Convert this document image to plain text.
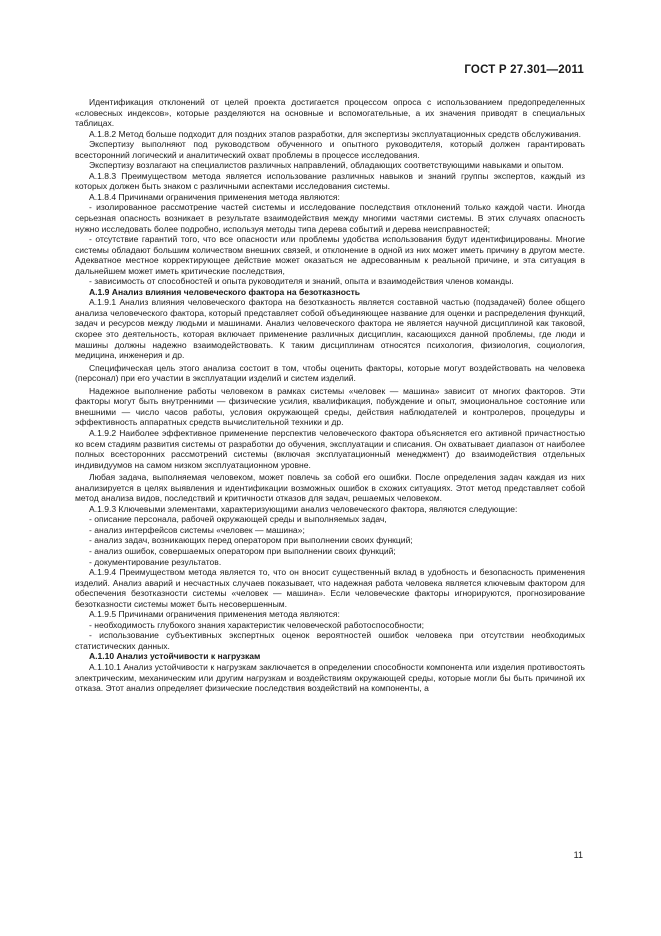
ГОСТ Р 27.301—2011

Идентификация отклонений от целей проекта достигается процессом опроса с использованием предопределенных «словесных индексов», которые разделяются на основные и вспомогательные, а их значения приводят в специальных таблицах.

А.1.8.2 Метод больше подходит для поздних этапов разработки, для экспертизы эксплуатационных средств обслуживания.

Экспертизу выполняют под руководством обученного и опытного руководителя, который должен гарантировать всесторонний логический и аналитический охват проблемы в процессе исследования.

Экспертизу возлагают на специалистов различных направлений, обладающих соответствующими навыками и опытом.

А.1.8.3 Преимуществом метода является использование различных навыков и знаний группы экспертов, каждый из которых должен быть знаком с различными аспектами исследования системы.

А.1.8.4 Причинами ограничения применения метода являются:

- изолированное рассмотрение частей системы и исследование последствия отклонений только каждой части. Иногда серьезная опасность возникает в результате взаимодействия между многими частями системы. В этих случаях опасность нужно исследовать более подробно, используя методы типа дерева событий и дерева неисправностей;

- отсутствие гарантий того, что все опасности или проблемы удобства использования будут идентифицированы. Многие системы обладают большим количеством внешних связей, и отклонение в одной из них может иметь причину в другом месте. Адекватное местное корректирующее действие может оказаться не адресованным к реальной причине, и эта ситуация в дальнейшем может иметь критические последствия,

- зависимость от способностей и опыта руководителя и знаний, опыта и взаимодействия членов команды.

А.1.9 Анализ влияния человеческого фактора на безотказность

А.1.9.1 Анализ влияния человеческого фактора на безотказность является составной частью (подзадачей) более общего анализа человеческого фактора, который представляет собой объединяющее название для оценки и распределения функций, задач и ресурсов между людьми и машинами. Анализ человеческого фактора не является научной дисциплиной как таковой, скорее это деятельность, которая включает применение различных дисциплин, касающихся данной проблемы, где люди и машины должны надежно взаимодействовать. К таким дисциплинам относятся психология, физиология, социология, медицина, инженерия и др.

Специфическая цель этого анализа состоит в том, чтобы оценить факторы, которые могут воздействовать на человека (персонал) при его участии в эксплуатации изделий и систем изделий.

Надежное выполнение работы человеком в рамках системы «человек — машина» зависит от многих факторов. Эти факторы могут быть внутренними — физические усилия, квалификация, побуждение и опыт, эмоциональное состояние или внешними — число часов работы, условия окружающей среды, действия наблюдателей и контролеров, процедуры и эффективность аппаратных средств вычислительной техники и др.

А.1.9.2 Наиболее эффективное применение перспектив человеческого фактора объясняется его активной причастностью ко всем стадиям развития системы от разработки до обучения, эксплуатации и списания. Он охватывает диапазон от наиболее полных всесторонних рассмотрений системы (включая эксплуатационный менеджмент) до взаимодействия отдельных индивидуумов на самом низком эксплуатационном уровне.

Любая задача, выполняемая человеком, может повлечь за собой его ошибки. После определения задач каждая из них анализируется в целях выявления и идентификации возможных ошибок в схожих ситуациях. Этот метод представляет собой метод анализа видов, последствий и критичности отказов для задач, решаемых человеком.

А.1.9.3 Ключевыми элементами, характеризующими анализ человеческого фактора, являются следующие:

- описание персонала, рабочей окружающей среды и выполняемых задач,

- анализ интерфейсов системы «человек — машина»;

- анализ задач, возникающих перед оператором при выполнении своих функций;

- анализ ошибок, совершаемых оператором при выполнении своих функций;

- документирование результатов.

А.1.9.4 Преимуществом метода является то, что он вносит существенный вклад в удобность и безопасность применения изделий. Анализ аварий и несчастных случаев показывает, что надежная работа человека является ключевым фактором для обеспечения безотказности системы «человек — машина». Если человеческие факторы игнорируются, прогнозирование безотказности системы может быть несовершенным.

А.1.9.5 Причинами ограничения применения метода являются:

- необходимость глубокого знания характеристик человеческой работоспособности;

- использование субъективных экспертных оценок вероятностей ошибок человека при отсутствии необходимых статистических данных.

А.1.10 Анализ устойчивости к нагрузкам

А.1.10.1 Анализ устойчивости к нагрузкам заключается в определении способности компонента или изделия противостоять электрическим, механическим или другим нагрузкам и воздействиям окружающей среды, которые могли бы быть причиной их отказа. Этот анализ определяет физические последствия воздействий на компоненты, а

11
